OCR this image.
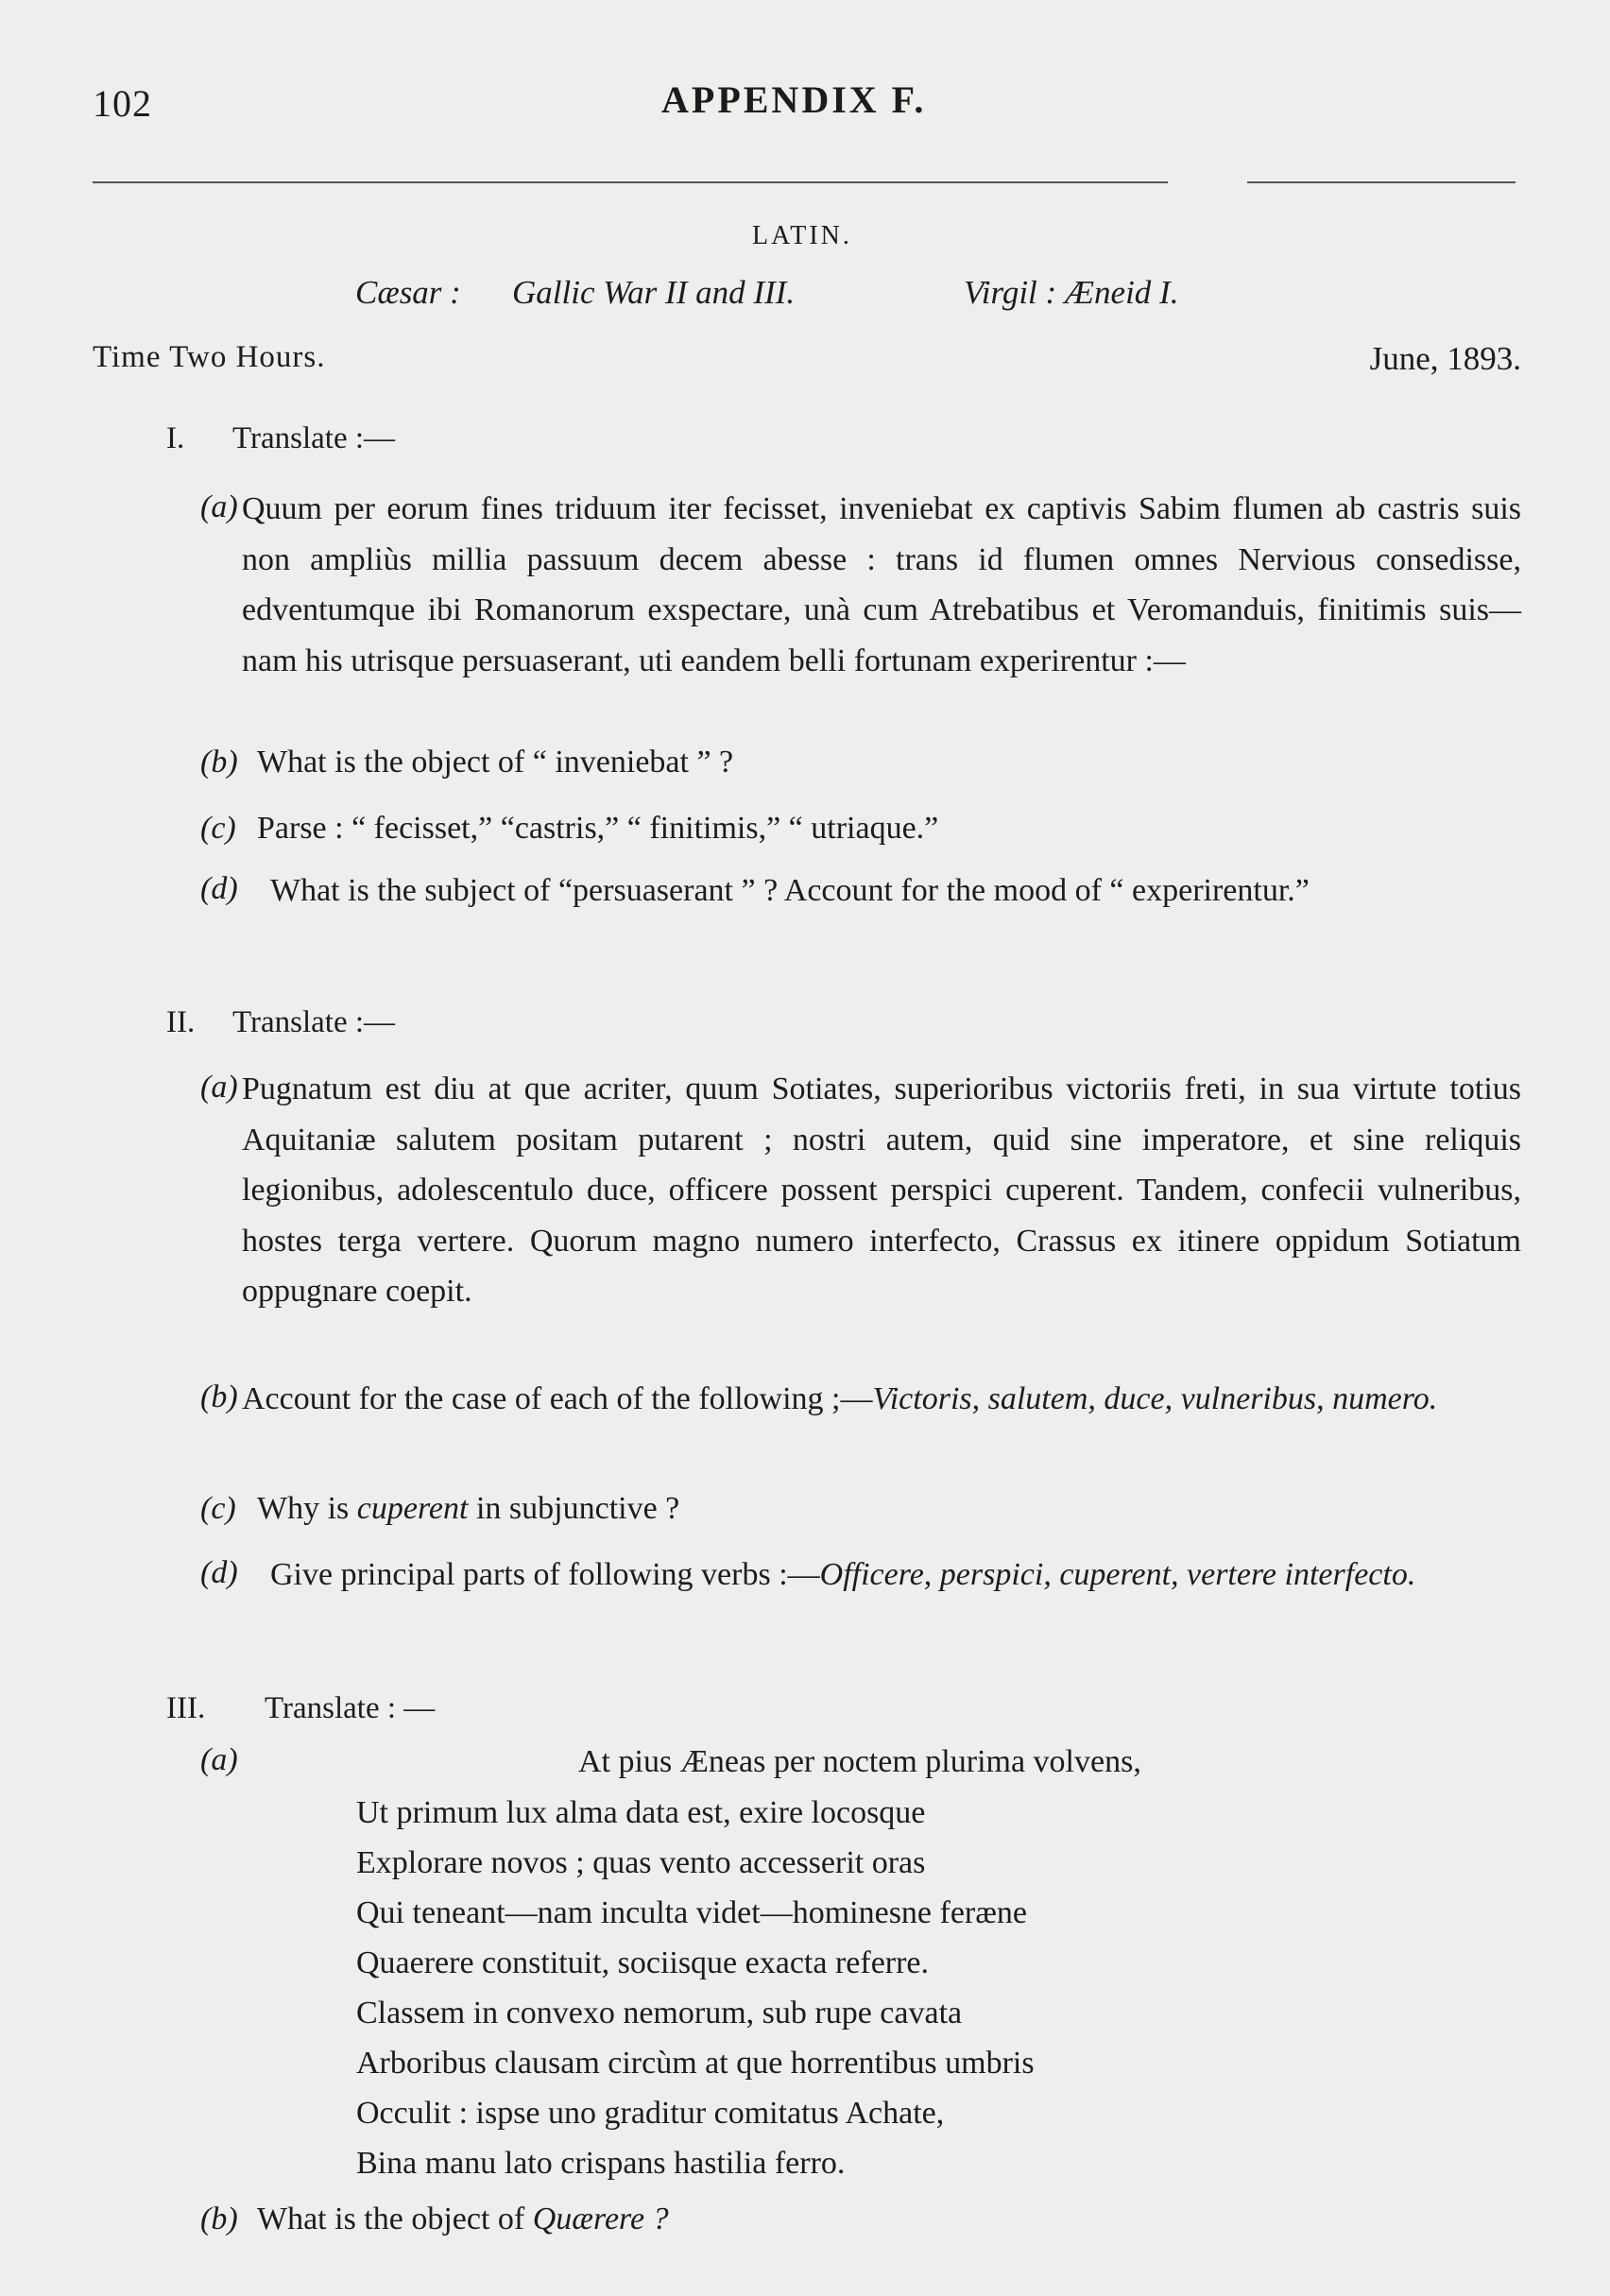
102	APPENDIX F.
LATIN.
Cæsar : Gallic War II and III.	Virgil : Æneid I.
Time Two Hours.	June, 1893.
I. Translate :—
(a) Quum per eorum fines triduum iter fecisset, inveniebat ex captivis Sabim flumen ab castris suis non ampliùs millia passuum decem abesse : trans id flumen omnes Nervious consedisse, edventumque ibi Romanorum exspectare, unà cum Atrebatibus et Veromanduis, finitimis suis—nam his utrisque persuaserant, uti eandem belli fortunam experirentur :—
(b) What is the object of “ inveniebat ” ?
(c) Parse : “ fecisset,” “castris,” “ finitimis,” “ utriaque.”
(d)	What is the subject of “persuaserant ” ? Account for the mood of “ experirentur.”
II. Translate :—
(a) Pugnatum est diu at que acriter, quum Sotiates, superioribus victoriis freti, in sua virtute totius Aquitaniæ salutem positam putarent ; nostri autem, quid sine imperatore, et sine reliquis legionibus, adolescentulo duce, officere possent perspici cuperent. Tandem, confecii vulneribus, hostes terga vertere. Quorum magno numero interfecto, Crassus ex itinere oppidum Sotiatum oppugnare coepit.
(b) Account for the case of each of the following ;—Victoris, salutem, duce, vulneribus, numero.
(c) Why is cuperent in subjunctive ?
(d)	Give principal parts of following verbs :—Officere, perspici, cuperent, vertere interfecto.
III. Translate : —
(a)	At pius Æneas per noctem plurima volvens,
Ut primum lux alma data est, exire locosque
Explorare novos ; quas vento accesserit oras
Qui teneant—nam inculta videt—hominesne feræne
Quaerere constituit, sociisque exacta referre.
Classem in convexo nemorum, sub rupe cavata
Arboribus clausam circùm at que horrentibus umbris
Occulit : ispse uno graditur comitatus Achate,
Bina manu lato crispans hastilia ferro.
(b) What is the object of Quærere ?
